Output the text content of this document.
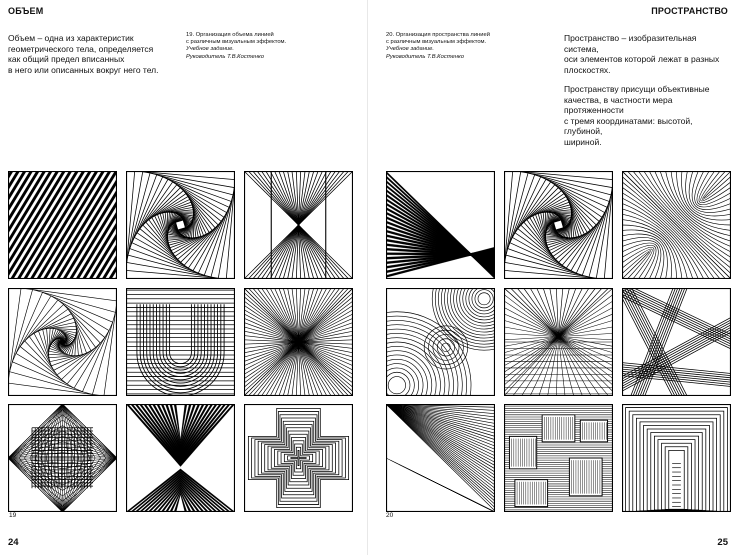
ОБЪЕМ
Объем – одна из характеристик
геометрического тела, определяется
как общий предел вписанных
в него или описанных вокруг него тел.
19. Организация объема линией
с различным визуальным эффектом.
Учебное задание.
Руководитель Т.В.Костенко
19
24
ПРОСТРАНСТВО
20. Организация пространства линией
с различным визуальным эффектом.
Учебное задание.
Руководитель Т.В.Костенко

Пространство – изобразительная система,
оси элементов которой лежат в разных
плоскостях.

Пространству присущи объективные
качества, в частности мера протяженности
с тремя координатами: высотой, глубиной,
шириной.

20
25
